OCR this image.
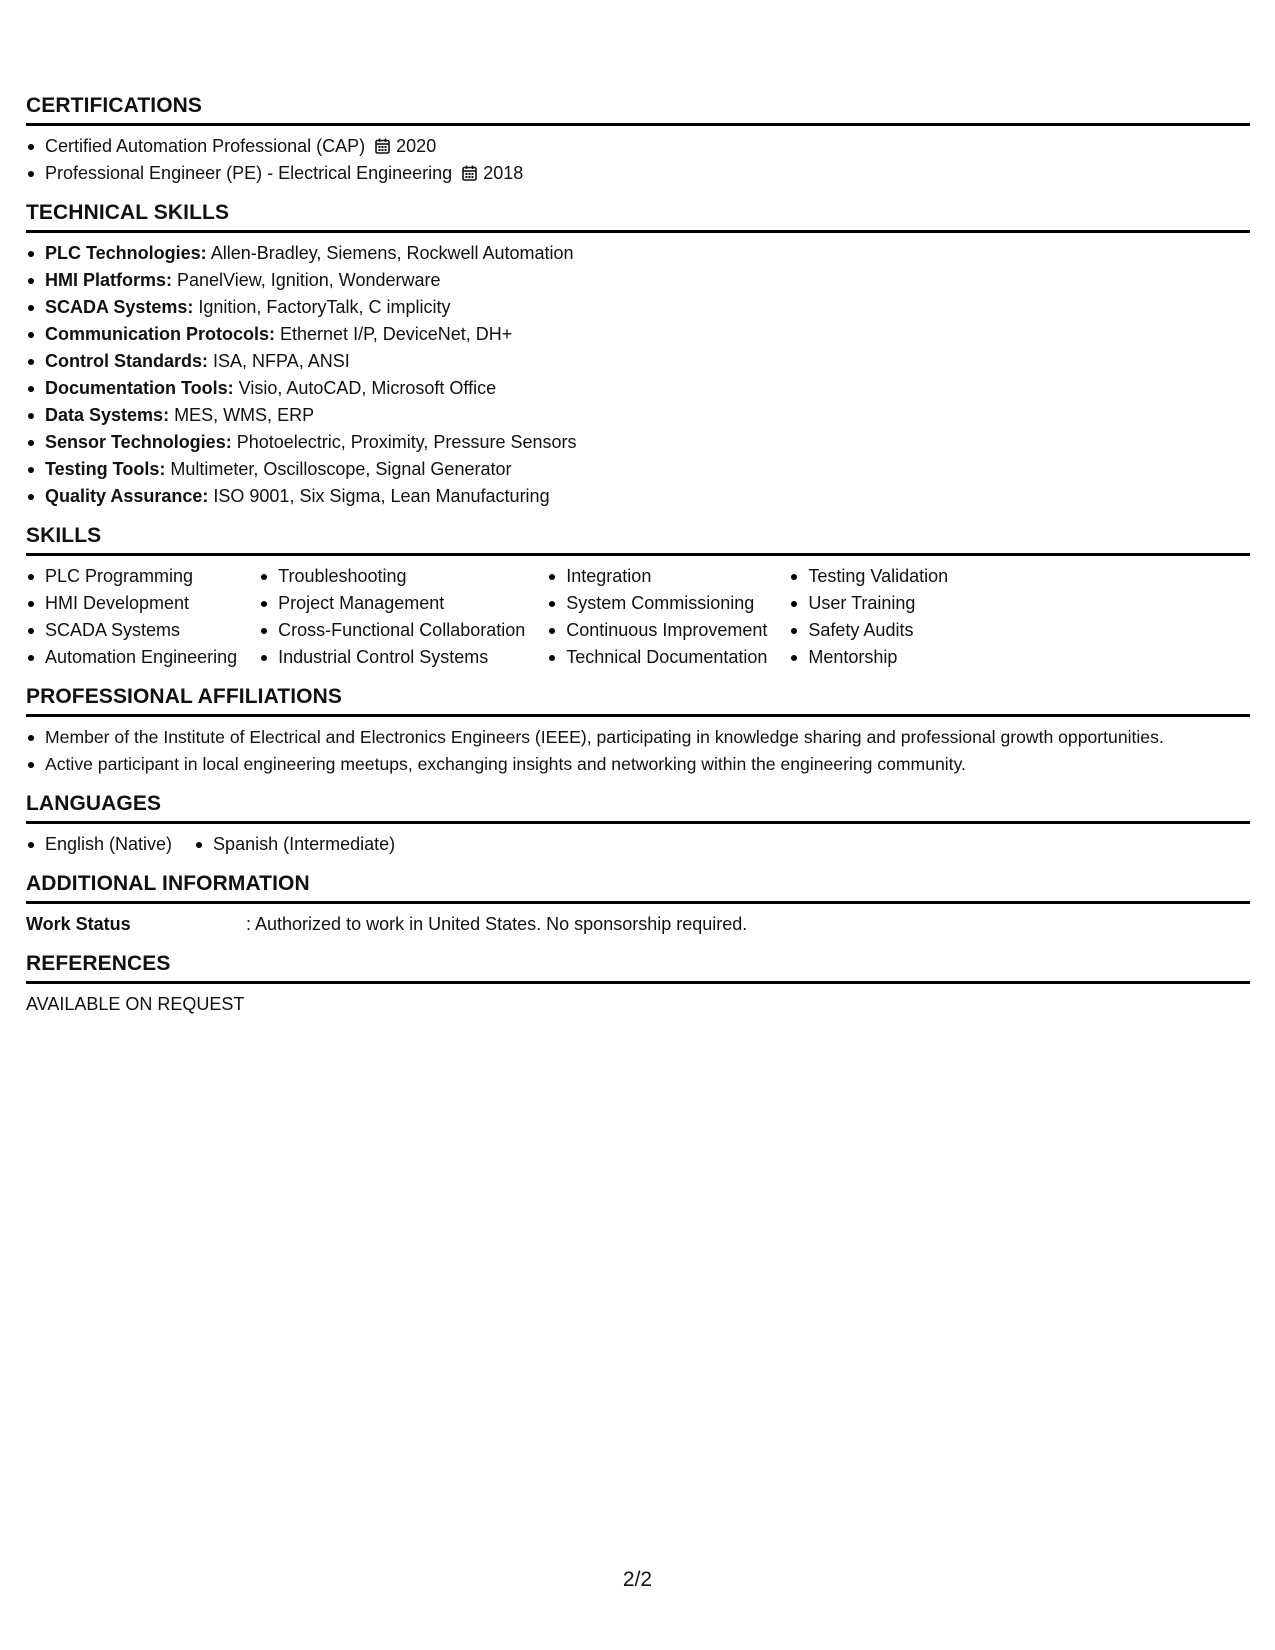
CERTIFICATIONS
Certified Automation Professional (CAP) 2020
Professional Engineer (PE) - Electrical Engineering 2018
TECHNICAL SKILLS
PLC Technologies: Allen-Bradley, Siemens, Rockwell Automation
HMI Platforms: PanelView, Ignition, Wonderware
SCADA Systems: Ignition, FactoryTalk, C implicity
Communication Protocols: Ethernet I/P, DeviceNet, DH+
Control Standards: ISA, NFPA, ANSI
Documentation Tools: Visio, AutoCAD, Microsoft Office
Data Systems: MES, WMS, ERP
Sensor Technologies: Photoelectric, Proximity, Pressure Sensors
Testing Tools: Multimeter, Oscilloscope, Signal Generator
Quality Assurance: ISO 9001, Six Sigma, Lean Manufacturing
SKILLS
PLC Programming
HMI Development
SCADA Systems
Automation Engineering
Troubleshooting
Project Management
Cross-Functional Collaboration
Industrial Control Systems
Integration
System Commissioning
Continuous Improvement
Technical Documentation
Testing Validation
User Training
Safety Audits
Mentorship
PROFESSIONAL AFFILIATIONS
Member of the Institute of Electrical and Electronics Engineers (IEEE), participating in knowledge sharing and professional growth opportunities.
Active participant in local engineering meetups, exchanging insights and networking within the engineering community.
LANGUAGES
English (Native)	Spanish (Intermediate)
ADDITIONAL INFORMATION
Work Status	: Authorized to work in United States. No sponsorship required.
REFERENCES
AVAILABLE ON REQUEST
2/2
